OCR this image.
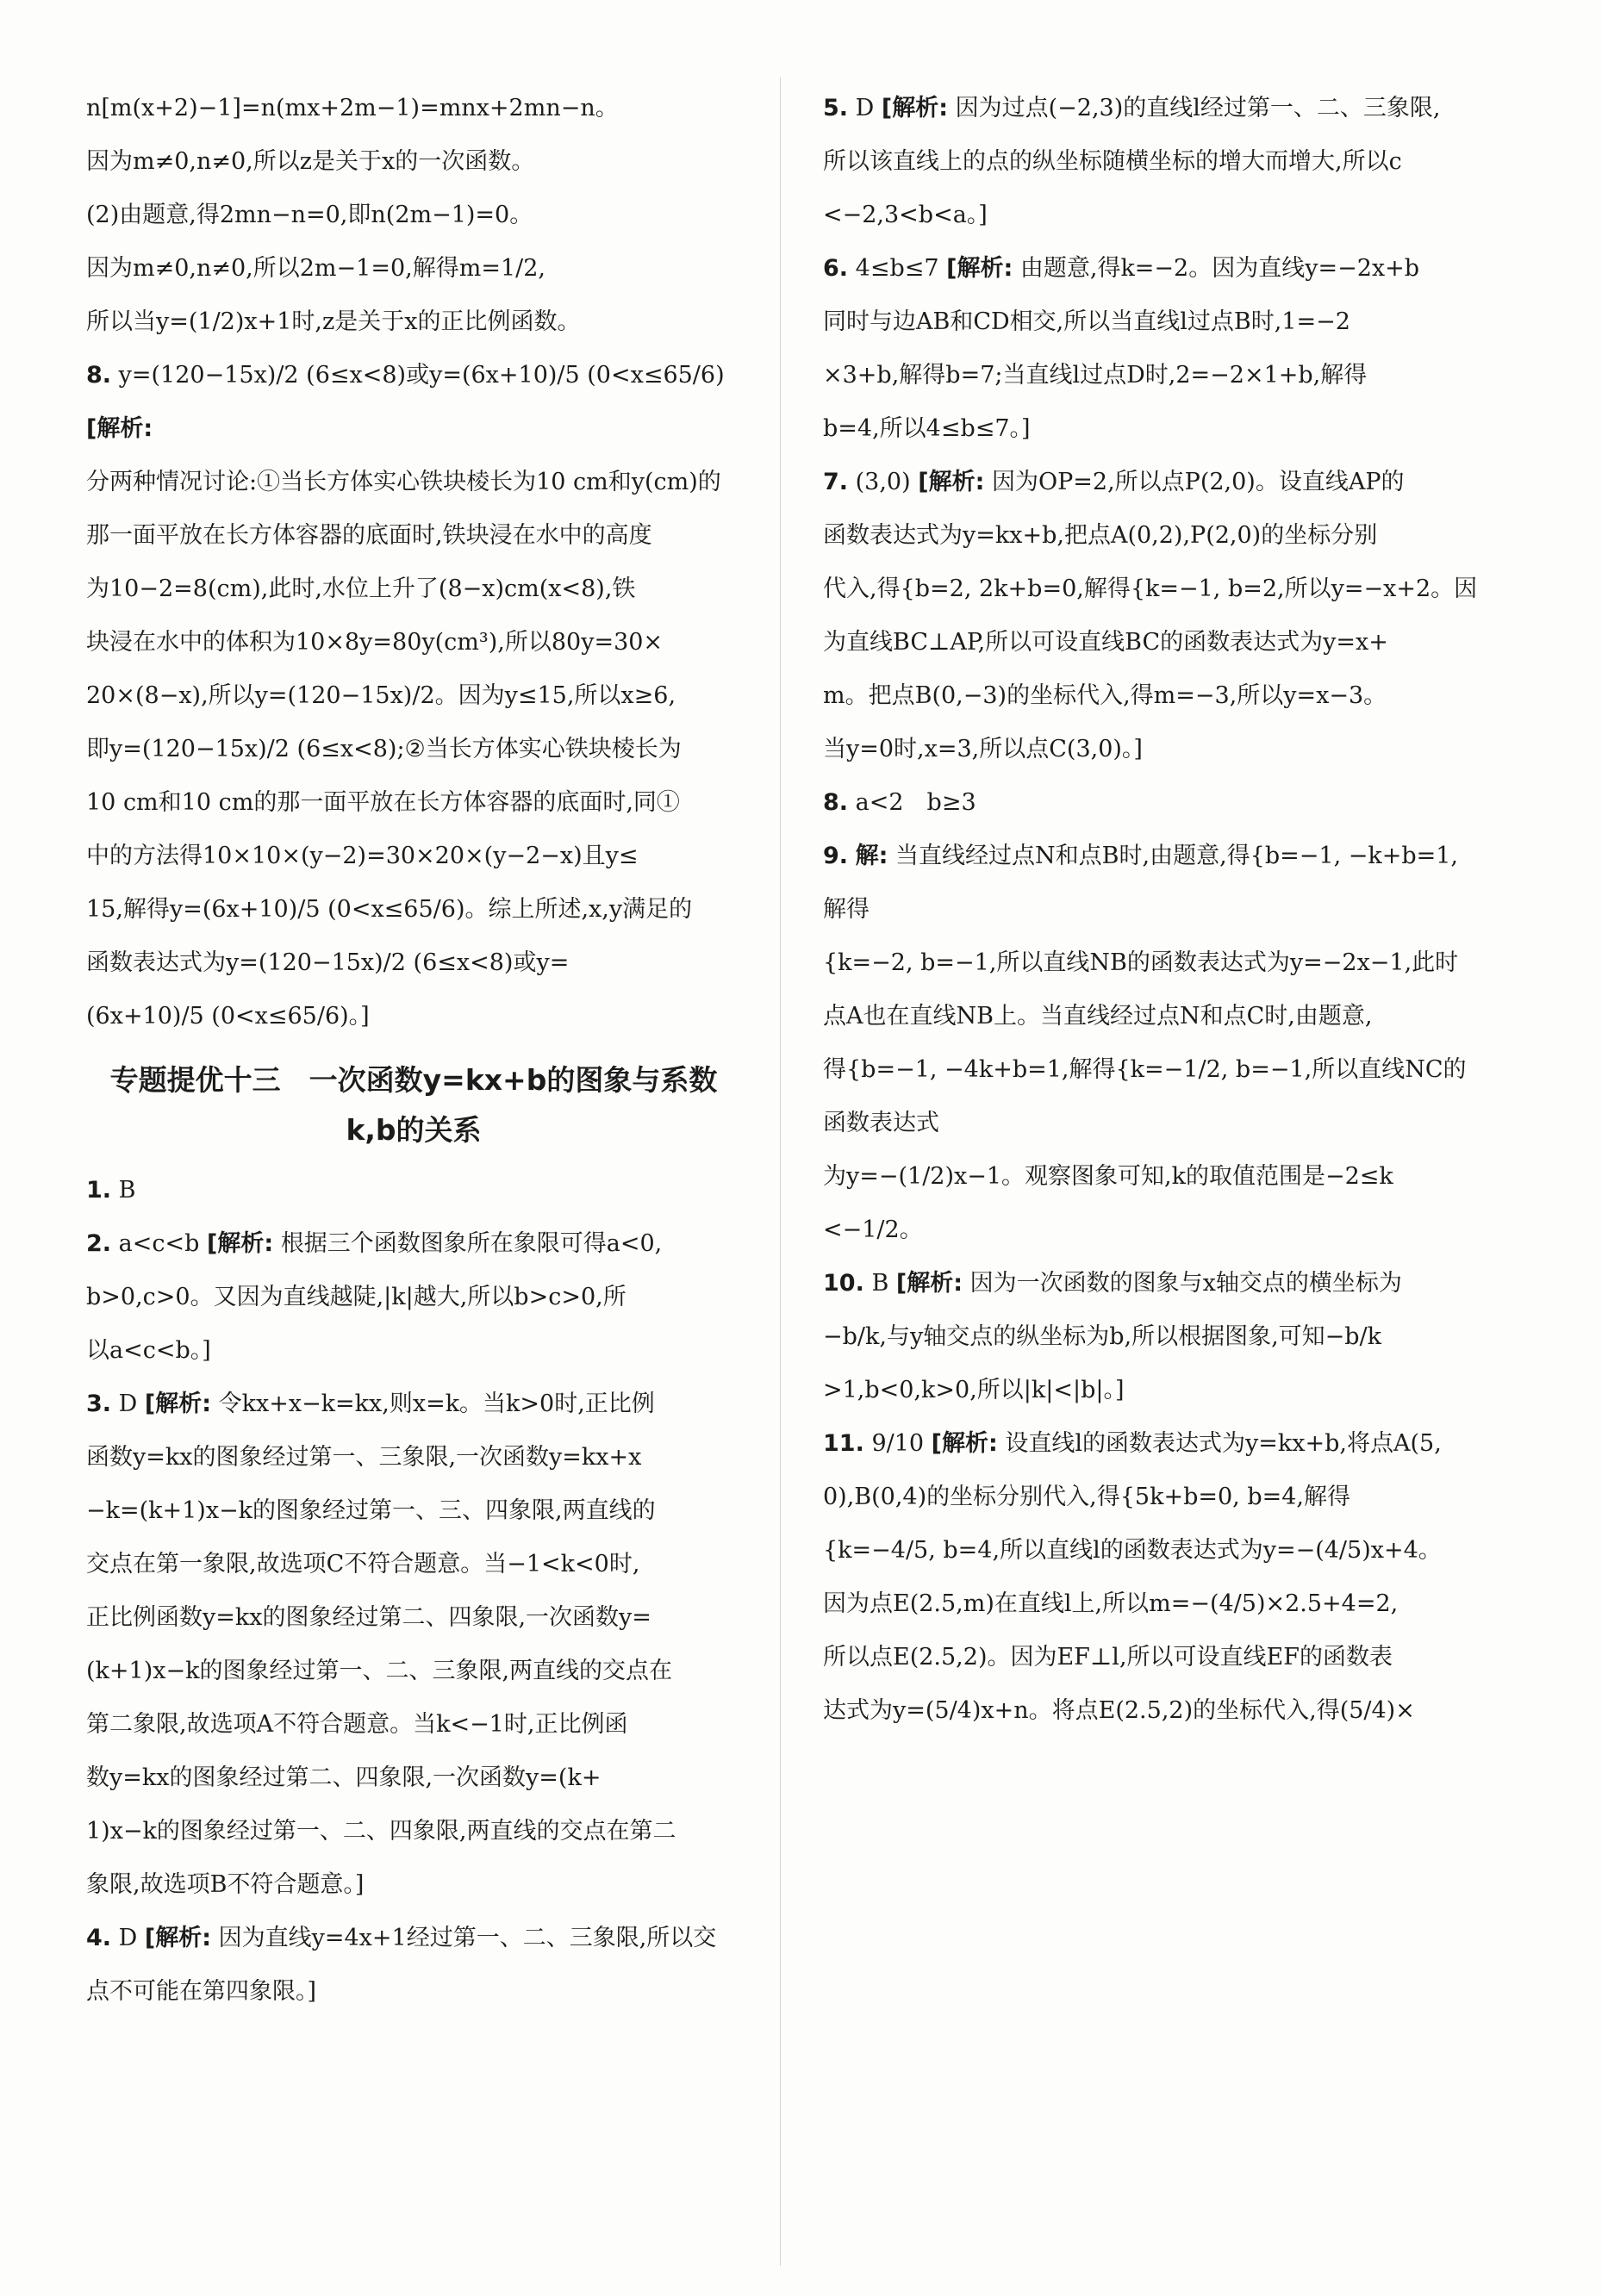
n[m(x+2)−1]=n(mx+2m−1)=mnx+2mn−n。

因为m≠0,n≠0,所以z是关于x的一次函数。

(2)由题意,得2mn−n=0,即n(2m−1)=0。

因为m≠0,n≠0,所以2m−1=0,解得m=1/2,

所以当y=(1/2)x+1时,z是关于x的正比例函数。

8. y=(120−15x)/2 (6≤x<8)或y=(6x+10)/5 (0<x≤65/6) [解析:

分两种情况讨论:①当长方体实心铁块棱长为10 cm和y(cm)的

那一面平放在长方体容器的底面时,铁块浸在水中的高度

为10−2=8(cm),此时,水位上升了(8−x)cm(x<8),铁

块浸在水中的体积为10×8y=80y(cm³),所以80y=30×

20×(8−x),所以y=(120−15x)/2。因为y≤15,所以x≥6,

即y=(120−15x)/2 (6≤x<8);②当长方体实心铁块棱长为

10 cm和10 cm的那一面平放在长方体容器的底面时,同①

中的方法得10×10×(y−2)=30×20×(y−2−x)且y≤

15,解得y=(6x+10)/5 (0<x≤65/6)。综上所述,x,y满足的

函数表达式为y=(120−15x)/2 (6≤x<8)或y=

(6x+10)/5 (0<x≤65/6)。]

专题提优十三　一次函数y=kx+b的图象与系数
k,b的关系

1. B

2. a<c<b [解析: 根据三个函数图象所在象限可得a<0,

b>0,c>0。又因为直线越陡,|k|越大,所以b>c>0,所

以a<c<b。]

3. D [解析: 令kx+x−k=kx,则x=k。当k>0时,正比例

函数y=kx的图象经过第一、三象限,一次函数y=kx+x

−k=(k+1)x−k的图象经过第一、三、四象限,两直线的

交点在第一象限,故选项C不符合题意。当−1<k<0时,

正比例函数y=kx的图象经过第二、四象限,一次函数y=

(k+1)x−k的图象经过第一、二、三象限,两直线的交点在

第二象限,故选项A不符合题意。当k<−1时,正比例函

数y=kx的图象经过第二、四象限,一次函数y=(k+

1)x−k的图象经过第一、二、四象限,两直线的交点在第二

象限,故选项B不符合题意。]

4. D [解析: 因为直线y=4x+1经过第一、二、三象限,所以交

点不可能在第四象限。]

5. D [解析: 因为过点(−2,3)的直线l经过第一、二、三象限,

所以该直线上的点的纵坐标随横坐标的增大而增大,所以c

<−2,3<b<a。]

6. 4≤b≤7 [解析: 由题意,得k=−2。因为直线y=−2x+b

同时与边AB和CD相交,所以当直线l过点B时,1=−2

×3+b,解得b=7;当直线l过点D时,2=−2×1+b,解得

b=4,所以4≤b≤7。]

7. (3,0) [解析: 因为OP=2,所以点P(2,0)。设直线AP的

函数表达式为y=kx+b,把点A(0,2),P(2,0)的坐标分别

代入,得{b=2, 2k+b=0,解得{k=−1, b=2,所以y=−x+2。因

为直线BC⊥AP,所以可设直线BC的函数表达式为y=x+

m。把点B(0,−3)的坐标代入,得m=−3,所以y=x−3。

当y=0时,x=3,所以点C(3,0)。]

8. a<2　b≥3

9. 解: 当直线经过点N和点B时,由题意,得{b=−1, −k+b=1,解得

{k=−2, b=−1,所以直线NB的函数表达式为y=−2x−1,此时

点A也在直线NB上。当直线经过点N和点C时,由题意,

得{b=−1, −4k+b=1,解得{k=−1/2, b=−1,所以直线NC的函数表达式

为y=−(1/2)x−1。观察图象可知,k的取值范围是−2≤k

<−1/2。

10. B [解析: 因为一次函数的图象与x轴交点的横坐标为

−b/k,与y轴交点的纵坐标为b,所以根据图象,可知−b/k

>1,b<0,k>0,所以|k|<|b|。]

11. 9/10 [解析: 设直线l的函数表达式为y=kx+b,将点A(5,

0),B(0,4)的坐标分别代入,得{5k+b=0, b=4,解得

{k=−4/5, b=4,所以直线l的函数表达式为y=−(4/5)x+4。

因为点E(2.5,m)在直线l上,所以m=−(4/5)×2.5+4=2,

所以点E(2.5,2)。因为EF⊥l,所以可设直线EF的函数表

达式为y=(5/4)x+n。将点E(2.5,2)的坐标代入,得(5/4)×
